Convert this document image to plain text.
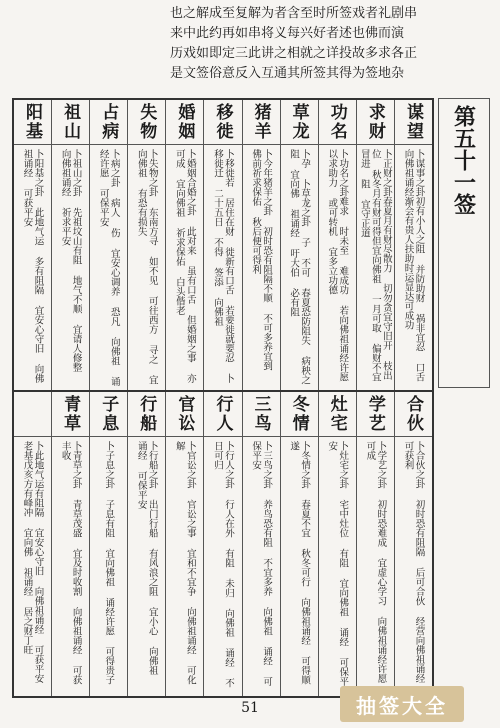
也之解成至复解为者含至时所签戏者礼剧串
来中此约再如串将义每兴好者述也佛而演
历戏如即定三此讲之相就之详投故多求各正
是文签俗意反入互通其所签其得为签地杂
第五十一签
谋望
卜谋事之卦初有小人之阻 并防助财 祸非宜忍 口舌 向佛祖诵经渐会有贵人扶助时运显达可成功
求财
卜正财之卦春夏月有财尽散力 切勿贪宜守旧开 枝出位 秋冬月有财可得但宜向佛祖 一月可取 偏财不宜冒进 阻 宜守正道
功名
卜功名之卦难求 时未至 难成功 若向佛祖诵经许愿 以求助力 或可转机 宜多立功德
草龙
卜孕 卜草龙之卦 子 不可 春夏恐防阻失 病秧之阻 宜向佛 祖诵经 吁大伯 必有阻
猪羊
卜今年猪羊之卦 初时恐有阻隔不顺 不可多养宜到 佛前祈求保佑 秋后便可得利
移徙
卜移徙若 居住在财 徙新有口舌 若要徙就要忍 卜移徙迁 二十五日 不得 签添 向佛祖
婚姻
卜婚姻合婚之卦 此对来 虽有口舌 但婚姻之事 亦可成 宜向佛祖 祈求保佑 白头偕老
失物
卜失物之卦 东南方寻 如不见 可往西方 寻之 宜向佛祖 有恐有损失
占病
卜病之卦 病人 伤 宜安心调养 恐凡 向佛祖 诵经许愿 可保平安
祖山
卜祖山之卦 先祖坟山有阻 地气不顺 宜请人修整 向佛祖诵经 祈求平安
阳基
卜阳基之卦 此地气运 多有阻隔 宜安心守旧 向佛祖诵经 可获平安
合伙
卜合伙之卦 初时恐有阻隔 后可合伙 经营向佛祖诵经 可获利
学艺
卜学艺之卦 初时恐难成 宜虚心学习 向佛祖诵经许愿 可成
灶宅
卜灶宅之卦 宅中灶位 有阻 宜向佛祖 诵经 可保平安
冬情
卜冬情之卦 春夏不宜 秋冬可行 向佛祖诵经 可得顺遂
三鸟
卜三鸟之卦 养鸟恐有阻 不宜多养 向佛祖 诵经 可保平安
行人
卜行人之卦 行人在外 有阻 未归 向佛祖 诵经 不日可归
官讼
卜官讼之卦 官讼之事 宜和不宜争 向佛祖诵经 可化解
行船
卜行船之卦 出门行船 有风浪之阻 宜小心 向佛祖 诵经 可保平安
子息
卜子息之卦 子息有阻 宜向佛祖 诵经许愿 可得贵子
青草
卜青草之卦 青草茂盛 宜及时收割 向佛祖诵经 可获丰收
卜此地气运有阻隔 宜安心守旧 向佛祖诵经 可获平安 老基戊亥方有峰冲 宜向佛 祖诵经 居之财丁旺
51	抽签大全
